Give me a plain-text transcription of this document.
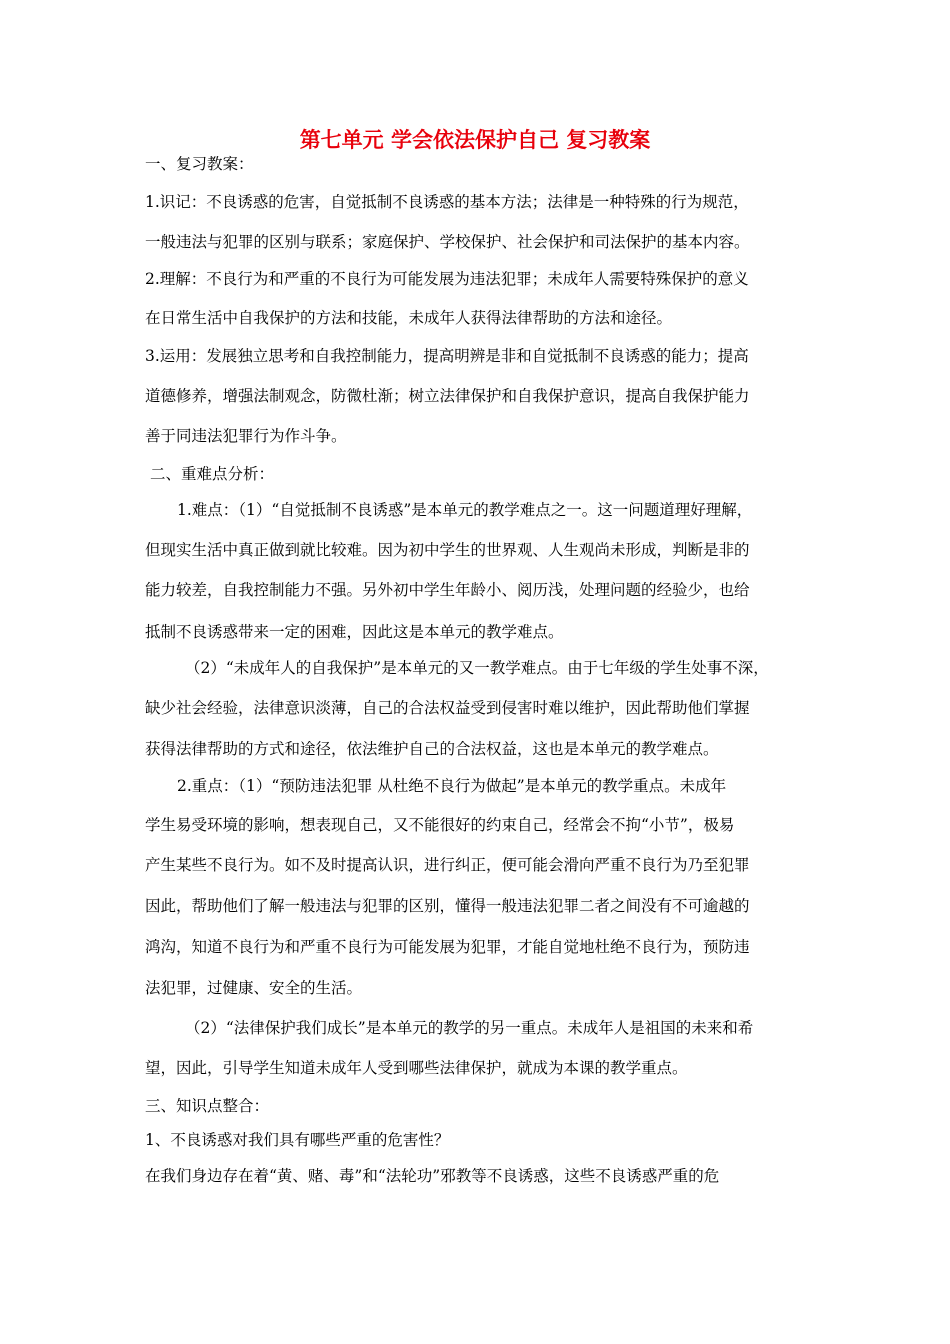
第七单元 学会依法保护自己 复习教案
一、复习教案：
1.识记：不良诱惑的危害，自觉抵制不良诱惑的基本方法；法律是一种特殊的行为规范，
一般违法与犯罪的区别与联系；家庭保护、学校保护、社会保护和司法保护的基本内容。
2.理解：不良行为和严重的不良行为可能发展为违法犯罪；未成年人需要特殊保护的意义
在日常生活中自我保护的方法和技能，未成年人获得法律帮助的方法和途径。
3.运用：发展独立思考和自我控制能力，提高明辨是非和自觉抵制不良诱惑的能力；提高
道德修养，增强法制观念，防微杜渐；树立法律保护和自我保护意识，提高自我保护能力
善于同违法犯罪行为作斗争。
二、重难点分析：
1.难点：（1）“自觉抵制不良诱惑”是本单元的教学难点之一。这一问题道理好理解，
但现实生活中真正做到就比较难。因为初中学生的世界观、人生观尚未形成，判断是非的
能力较差，自我控制能力不强。另外初中学生年龄小、阅历浅，处理问题的经验少，也给
抵制不良诱惑带来一定的困难，因此这是本单元的教学难点。
（2）“未成年人的自我保护”是本单元的又一教学难点。由于七年级的学生处事不深，
缺少社会经验，法律意识淡薄，自己的合法权益受到侵害时难以维护，因此帮助他们掌握
获得法律帮助的方式和途径，依法维护自己的合法权益，这也是本单元的教学难点。
2.重点：（1）“预防违法犯罪 从杜绝不良行为做起”是本单元的教学重点。未成年
学生易受环境的影响，想表现自己，又不能很好的约束自己，经常会不拘“小节”，极易
产生某些不良行为。如不及时提高认识，进行纠正，便可能会滑向严重不良行为乃至犯罪
因此，帮助他们了解一般违法与犯罪的区别，懂得一般违法犯罪二者之间没有不可逾越的
鸿沟，知道不良行为和严重不良行为可能发展为犯罪，才能自觉地杜绝不良行为，预防违
法犯罪，过健康、安全的生活。
（2）“法律保护我们成长”是本单元的教学的另一重点。未成年人是祖国的未来和希
望，因此，引导学生知道未成年人受到哪些法律保护，就成为本课的教学重点。
三、知识点整合：
1、不良诱惑对我们具有哪些严重的危害性？
在我们身边存在着“黄、赌、毒”和“法轮功”邪教等不良诱惑，这些不良诱惑严重的危
